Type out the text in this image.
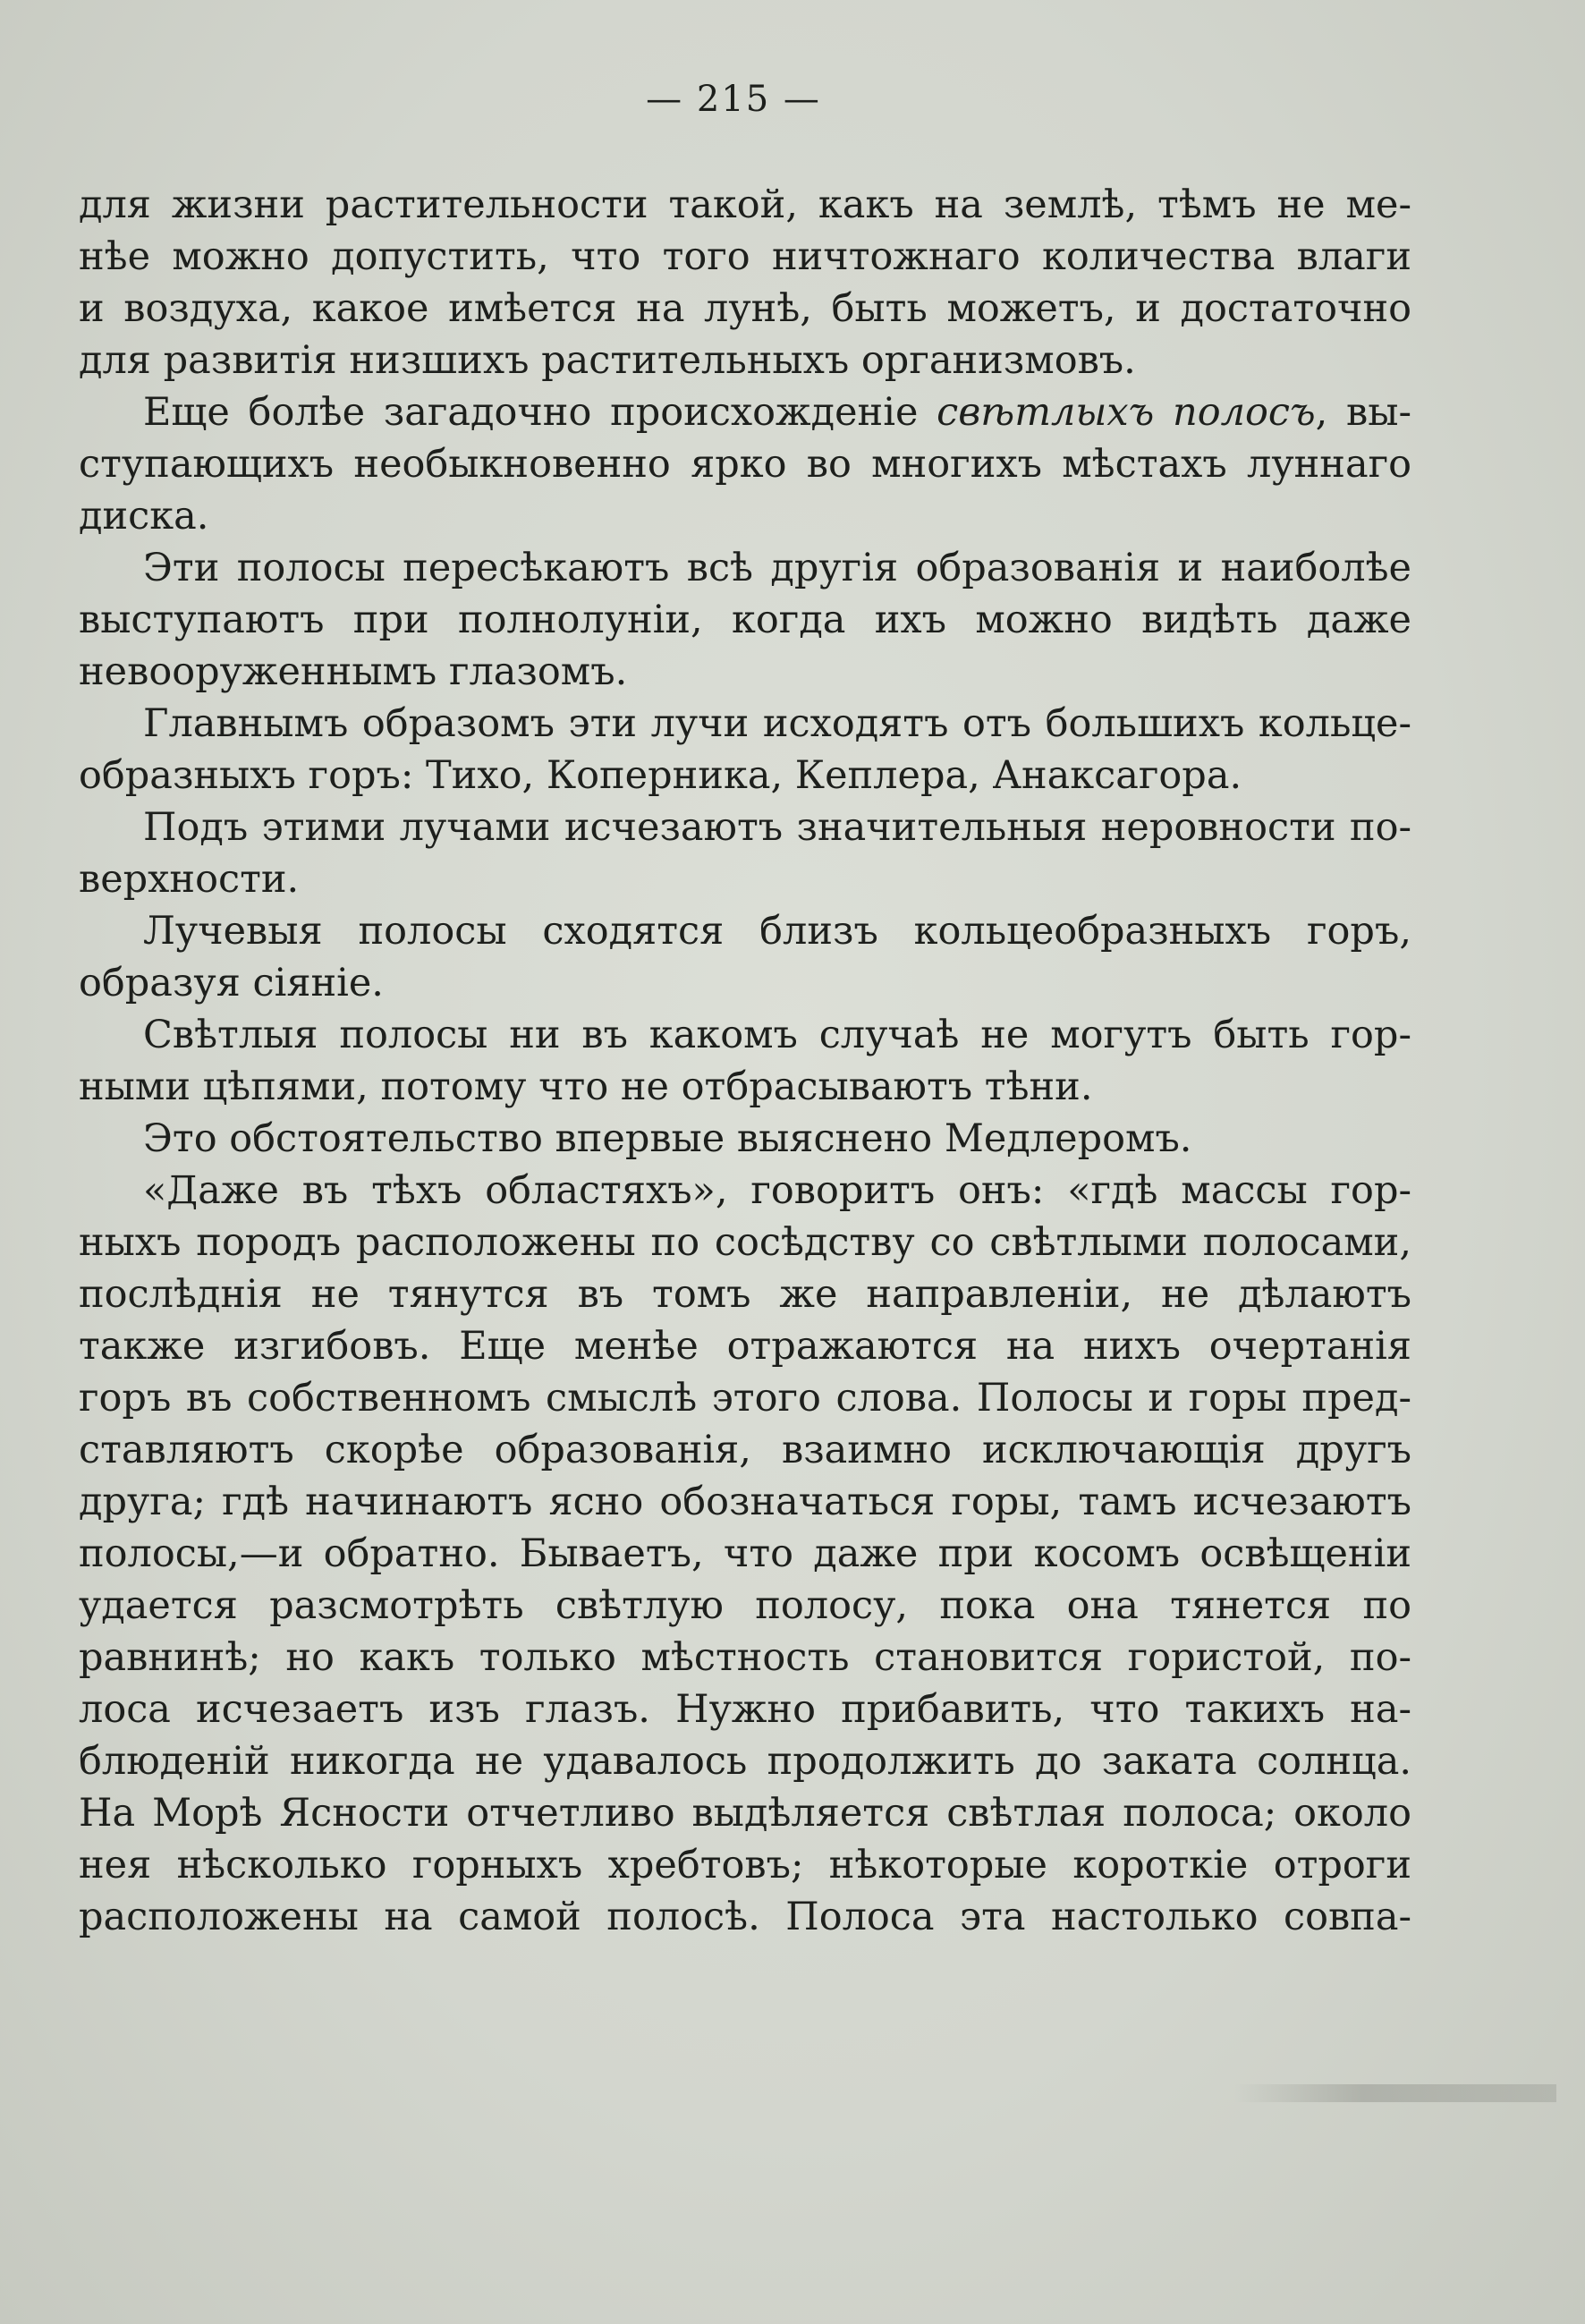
— 215 —
для жизни растительности такой, какъ на землѣ, тѣмъ не ме-
нѣе можно допустить, что того ничтожнаго количества влаги
и воздуха, какое имѣется на лунѣ, быть можетъ, и достаточно
для развитія низшихъ растительныхъ организмовъ.
Еще болѣе загадочно происхожденіе свѣтлыхъ полосъ, вы-
ступающихъ необыкновенно ярко во многихъ мѣстахъ луннаго
диска.
Эти полосы пересѣкаютъ всѣ другія образованія и наиболѣе
выступаютъ при полнолуніи, когда ихъ можно видѣть даже
невооруженнымъ глазомъ.
Главнымъ образомъ эти лучи исходятъ отъ большихъ кольце-
образныхъ горъ: Тихо, Коперника, Кеплера, Анаксагора.
Подъ этими лучами исчезаютъ значительныя неровности по-
верхности.
Лучевыя полосы сходятся близъ кольцеобразныхъ горъ,
образуя сіяніе.
Свѣтлыя полосы ни въ какомъ случаѣ не могутъ быть гор-
ными цѣпями, потому что не отбрасываютъ тѣни.
Это обстоятельство впервые выяснено Медлеромъ.
«Даже въ тѣхъ областяхъ», говоритъ онъ: «гдѣ массы гор-
ныхъ породъ расположены по сосѣдству со свѣтлыми полосами,
послѣднія не тянутся въ томъ же направленіи, не дѣлаютъ
также изгибовъ. Еще менѣе отражаются на нихъ очертанія
горъ въ собственномъ смыслѣ этого слова. Полосы и горы пред-
ставляютъ скорѣе образованія, взаимно исключающія другъ
друга; гдѣ начинаютъ ясно обозначаться горы, тамъ исчезаютъ
полосы,—и обратно. Бываетъ, что даже при косомъ освѣщеніи
удается разсмотрѣть свѣтлую полосу, пока она тянется по
равнинѣ; но какъ только мѣстность становится гористой, по-
лоса исчезаетъ изъ глазъ. Нужно прибавить, что такихъ на-
блюденій никогда не удавалось продолжить до заката солнца.
На Морѣ Ясности отчетливо выдѣляется свѣтлая полоса; около
нея нѣсколько горныхъ хребтовъ; нѣкоторые короткіе отроги
расположены на самой полосѣ. Полоса эта настолько совпа-
